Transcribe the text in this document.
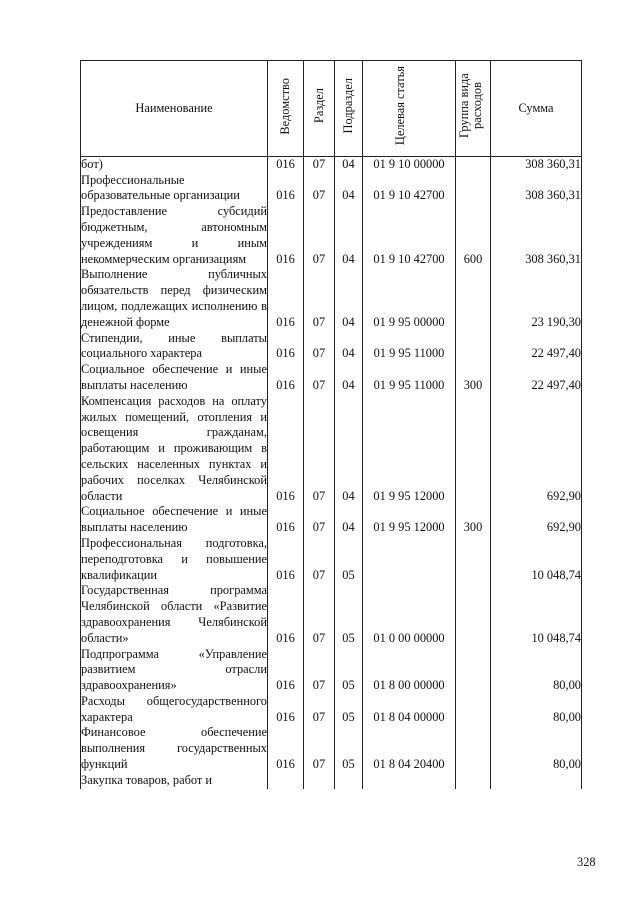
Наименование	Ведомство	Раздел	Подраздел	Целевая статья	Группа вида расходов	Сумма
бот)	016	07	04	01 9 10 00000		308 360,31
Профессиональные образовательные организации	016	07	04	01 9 10 42700		308 360,31
Предоставление субсидий бюджетным, автономным учреждениям и иным некоммерческим организациям	016	07	04	01 9 10 42700	600	308 360,31
Выполнение публичных обязательств перед физическим лицом, подлежащих исполнению в денежной форме	016	07	04	01 9 95 00000		23 190,30
Стипендии, иные выплаты социального характера	016	07	04	01 9 95 11000		22 497,40
Социальное обеспечение и иные выплаты населению	016	07	04	01 9 95 11000	300	22 497,40
Компенсация расходов на оплату жилых помещений, отопления и освещения гражданам, работающим и проживающим в сельских населенных пунктах и рабочих поселках Челябинской области	016	07	04	01 9 95 12000		692,90
Социальное обеспечение и иные выплаты населению	016	07	04	01 9 95 12000	300	692,90
Профессиональная подготовка, переподготовка и повышение квалификации	016	07	05			10 048,74
Государственная программа Челябинской области «Развитие здравоохранения Челябинской области»	016	07	05	01 0 00 00000		10 048,74
Подпрограмма «Управление развитием отрасли здравоохранения»	016	07	05	01 8 00 00000		80,00
Расходы общегосударственного характера	016	07	05	01 8 04 00000		80,00
Финансовое обеспечение выполнения государственных функций	016	07	05	01 8 04 20400		80,00
Закупка товаров, работ и						
328
